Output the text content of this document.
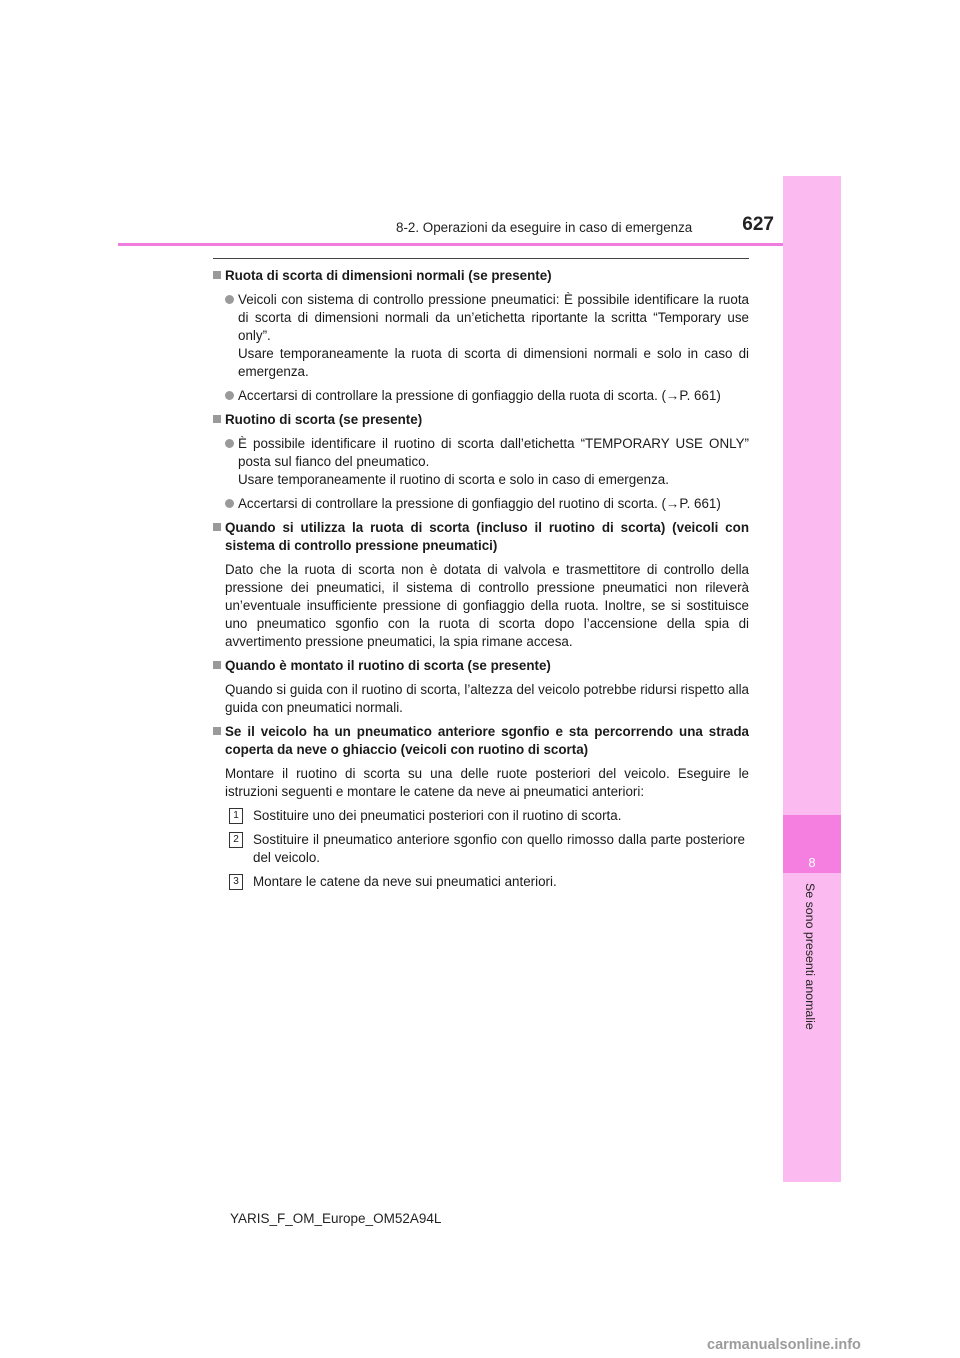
8-2. Operazioni da eseguire in caso di emergenza	627
8
Se sono presenti anomalie
Ruota di scorta di dimensioni normali (se presente)
Veicoli con sistema di controllo pressione pneumatici: È possibile identificare la ruota di scorta di dimensioni normali da un’etichetta riportante la scritta “Temporary use only”.
Usare temporaneamente la ruota di scorta di dimensioni normali e solo in caso di emergenza.
Accertarsi di controllare la pressione di gonfiaggio della ruota di scorta. (→P. 661)
Ruotino di scorta (se presente)
È possibile identificare il ruotino di scorta dall’etichetta “TEMPORARY USE ONLY” posta sul fianco del pneumatico.
Usare temporaneamente il ruotino di scorta e solo in caso di emergenza.
Accertarsi di controllare la pressione di gonfiaggio del ruotino di scorta. (→P. 661)
Quando si utilizza la ruota di scorta (incluso il ruotino di scorta) (veicoli con sistema di controllo pressione pneumatici)
Dato che la ruota di scorta non è dotata di valvola e trasmettitore di controllo della pressione dei pneumatici, il sistema di controllo pressione pneumatici non rileverà un’eventuale insufficiente pressione di gonfiaggio della ruota. Inoltre, se si sostituisce uno pneumatico sgonfio con la ruota di scorta dopo l’accensione della spia di avvertimento pressione pneumatici, la spia rimane accesa.
Quando è montato il ruotino di scorta (se presente)
Quando si guida con il ruotino di scorta, l’altezza del veicolo potrebbe ridursi rispetto alla guida con pneumatici normali.
Se il veicolo ha un pneumatico anteriore sgonfio e sta percorrendo una strada coperta da neve o ghiaccio (veicoli con ruotino di scorta)
Montare il ruotino di scorta su una delle ruote posteriori del veicolo. Eseguire le istruzioni seguenti e montare le catene da neve ai pneumatici anteriori:
1	Sostituire uno dei pneumatici posteriori con il ruotino di scorta.
2	Sostituire il pneumatico anteriore sgonfio con quello rimosso dalla parte posteriore del veicolo.
3	Montare le catene da neve sui pneumatici anteriori.
YARIS_F_OM_Europe_OM52A94L
carmanualsonline.info
